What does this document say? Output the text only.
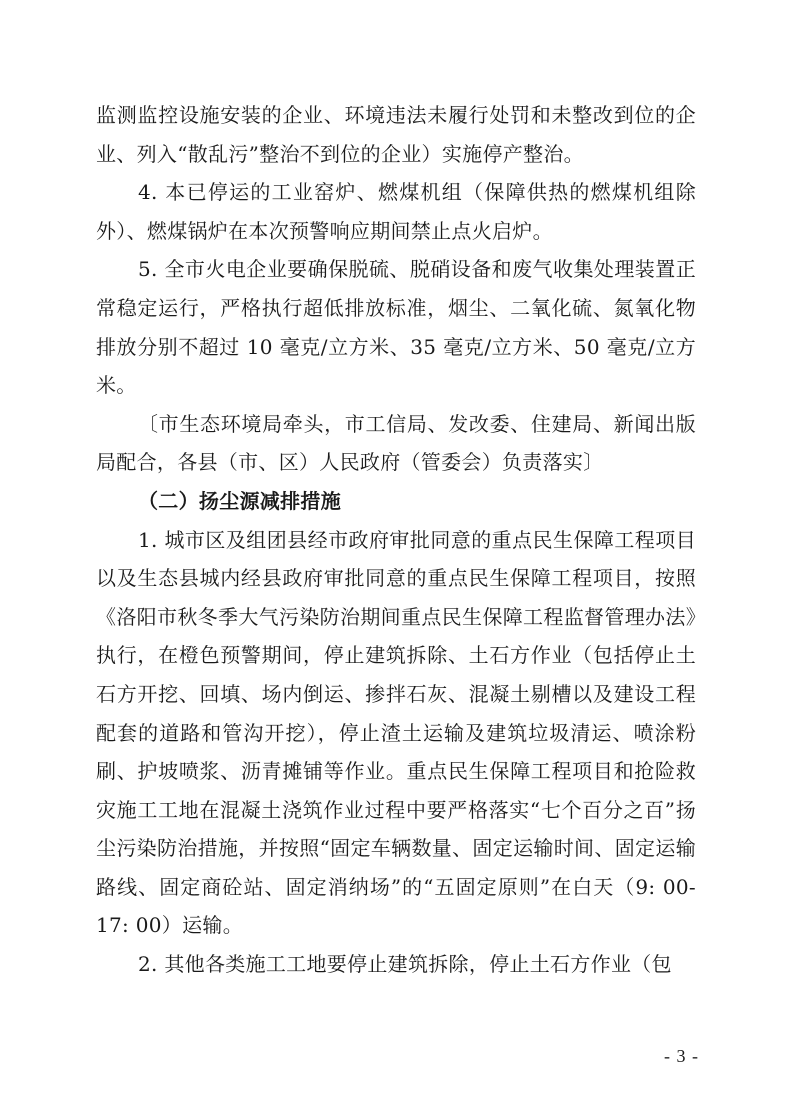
监测监控设施安装的企业、环境违法未履行处罚和未整改到位的企业、列入“散乱污”整治不到位的企业）实施停产整治。

4. 本已停运的工业窑炉、燃煤机组（保障供热的燃煤机组除外）、燃煤锅炉在本次预警响应期间禁止点火启炉。

5. 全市火电企业要确保脱硫、脱硝设备和废气收集处理装置正常稳定运行，严格执行超低排放标准，烟尘、二氧化硫、氮氧化物排放分别不超过 10 毫克/立方米、35 毫克/立方米、50 毫克/立方米。

〔市生态环境局牵头，市工信局、发改委、住建局、新闻出版局配合，各县（市、区）人民政府（管委会）负责落实〕

（二）扬尘源减排措施

1. 城市区及组团县经市政府审批同意的重点民生保障工程项目以及生态县城内经县政府审批同意的重点民生保障工程项目，按照《洛阳市秋冬季大气污染防治期间重点民生保障工程监督管理办法》执行，在橙色预警期间，停止建筑拆除、土石方作业（包括停止土石方开挖、回填、场内倒运、掺拌石灰、混凝土剔槽以及建设工程配套的道路和管沟开挖），停止渣土运输及建筑垃圾清运、喷涂粉刷、护坡喷浆、沥青摊铺等作业。重点民生保障工程项目和抢险救灾施工工地在混凝土浇筑作业过程中要严格落实“七个百分之百”扬尘污染防治措施，并按照“固定车辆数量、固定运输时间、固定运输路线、固定商砼站、固定消纳场”的“五固定原则”在白天（9: 00-17: 00）运输。

2. 其他各类施工工地要停止建筑拆除，停止土石方作业（包

- 3 -
